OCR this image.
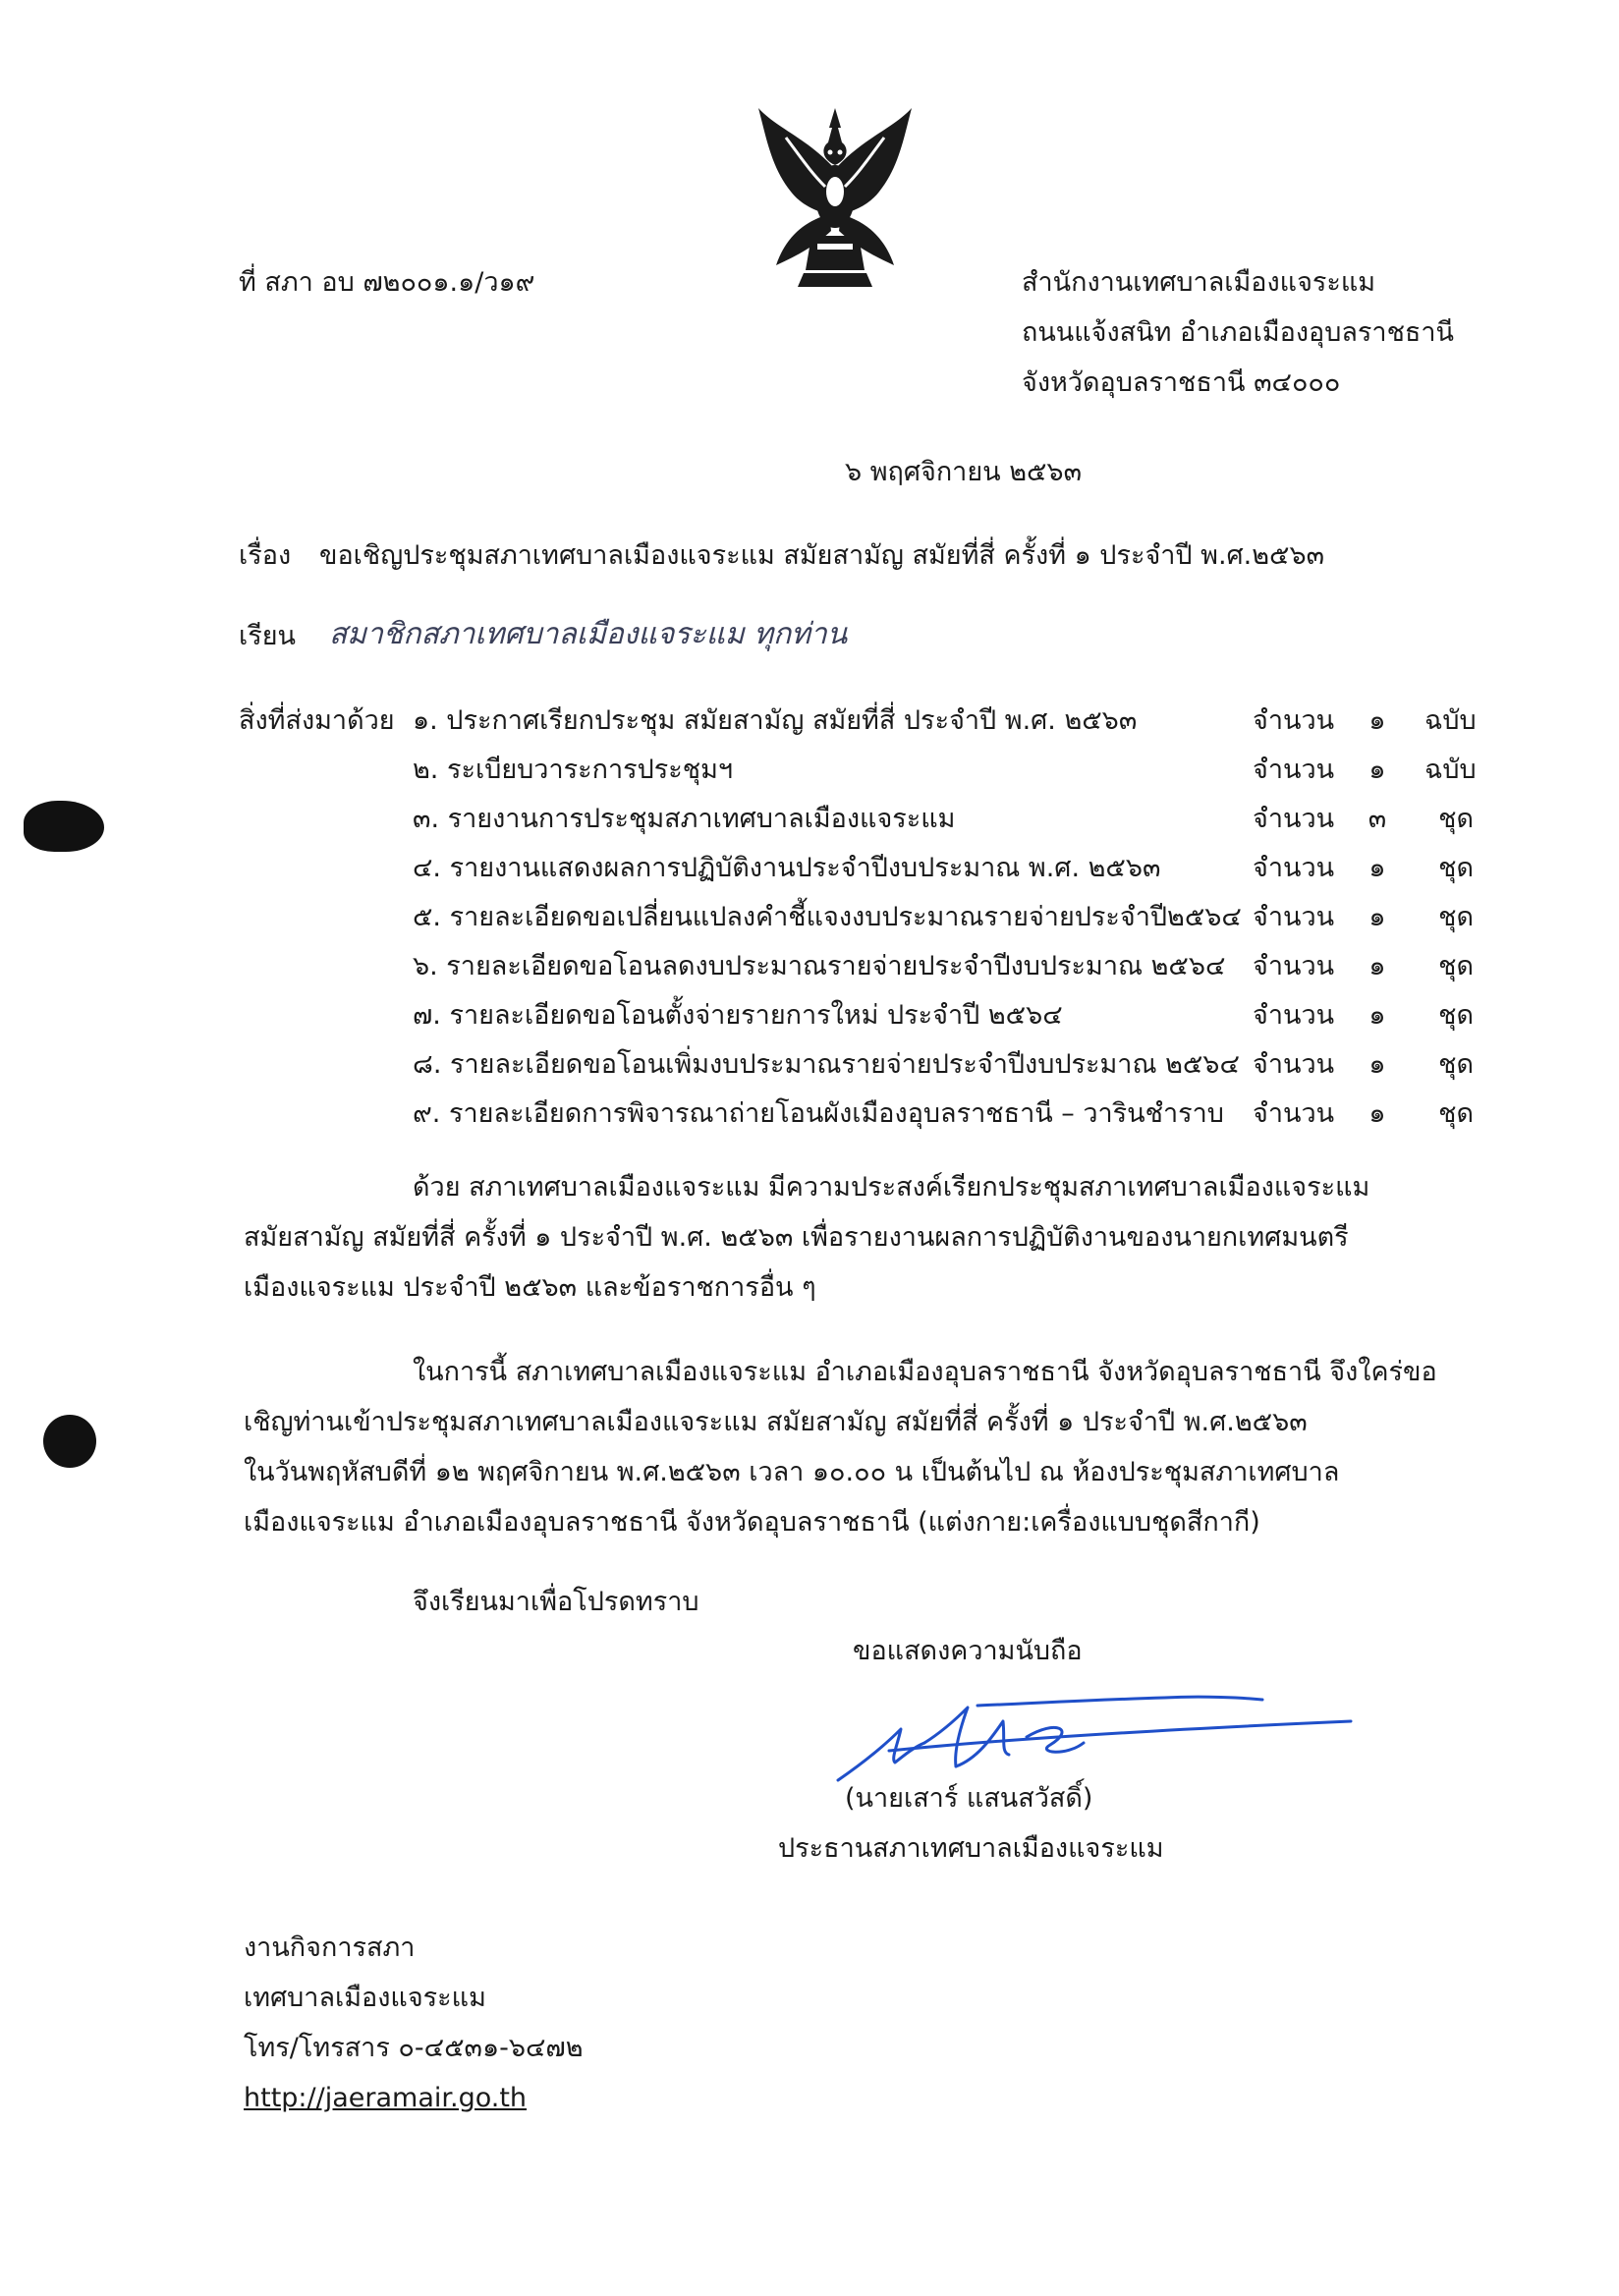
ที่ สภา อบ ๗๒๐๐๑.๑/ว๑๙	สำนักงานเทศบาลเมืองแจระแม
ถนนแจ้งสนิท อำเภอเมืองอุบลราชธานี
จังหวัดอุบลราชธานี ๓๔๐๐๐
๖ พฤศจิกายน ๒๕๖๓
เรื่อง ขอเชิญประชุมสภาเทศบาลเมืองแจระแม สมัยสามัญ สมัยที่สี่ ครั้งที่ ๑ ประจำปี พ.ศ.๒๕๖๓
เรียน สมาชิกสภาเทศบาลเมืองแจระแม ทุกท่าน
สิ่งที่ส่งมาด้วย ๑. ประกาศเรียกประชุม สมัยสามัญ สมัยที่สี่ ประจำปี พ.ศ. ๒๕๖๓	จำนวน ๑ ฉบับ
๒. ระเบียบวาระการประชุมฯ	จำนวน ๑ ฉบับ
๓. รายงานการประชุมสภาเทศบาลเมืองแจระแม	จำนวน ๓	ชุด
๔. รายงานแสดงผลการปฏิบัติงานประจำปีงบประมาณ พ.ศ. ๒๕๖๓	จำนวน ๑	ชุด
๕. รายละเอียดขอเปลี่ยนแปลงคำชี้แจงงบประมาณรายจ่ายประจำปี๒๕๖๔ จำนวน ๑	ชุด
๖. รายละเอียดขอโอนลดงบประมาณรายจ่ายประจำปีงบประมาณ ๒๕๖๔ จำนวน ๑	ชุด
๗. รายละเอียดขอโอนตั้งจ่ายรายการใหม่ ประจำปี ๒๕๖๔	จำนวน ๑	ชุด
๘. รายละเอียดขอโอนเพิ่มงบประมาณรายจ่ายประจำปีงบประมาณ ๒๕๖๔ จำนวน ๑	ชุด
๙. รายละเอียดการพิจารณาถ่ายโอนผังเมืองอุบลราชธานี – วารินชำราบ จำนวน ๑	ชุด
ด้วย สภาเทศบาลเมืองแจระแม มีความประสงค์เรียกประชุมสภาเทศบาลเมืองแจระแม
สมัยสามัญ สมัยที่สี่ ครั้งที่ ๑ ประจำปี พ.ศ. ๒๕๖๓ เพื่อรายงานผลการปฏิบัติงานของนายกเทศมนตรี
เมืองแจระแม ประจำปี ๒๕๖๓ และข้อราชการอื่น ๆ
ในการนี้ สภาเทศบาลเมืองแจระแม อำเภอเมืองอุบลราชธานี จังหวัดอุบลราชธานี จึงใคร่ขอ
เชิญท่านเข้าประชุมสภาเทศบาลเมืองแจระแม สมัยสามัญ สมัยที่สี่ ครั้งที่ ๑ ประจำปี พ.ศ.๒๕๖๓
ในวันพฤหัสบดีที่ ๑๒ พฤศจิกายน พ.ศ.๒๕๖๓ เวลา ๑๐.๐๐ น เป็นต้นไป ณ ห้องประชุมสภาเทศบาล
เมืองแจระแม อำเภอเมืองอุบลราชธานี จังหวัดอุบลราชธานี (แต่งกาย:เครื่องแบบชุดสีกากี)
จึงเรียนมาเพื่อโปรดทราบ
ขอแสดงความนับถือ
(นายเสาร์ แสนสวัสดิ์)
ประธานสภาเทศบาลเมืองแจระแม
งานกิจการสภา
เทศบาลเมืองแจระแม
โทร/โทรสาร ๐-๔๕๓๑-๖๔๗๒
http://jaeramair.go.th
